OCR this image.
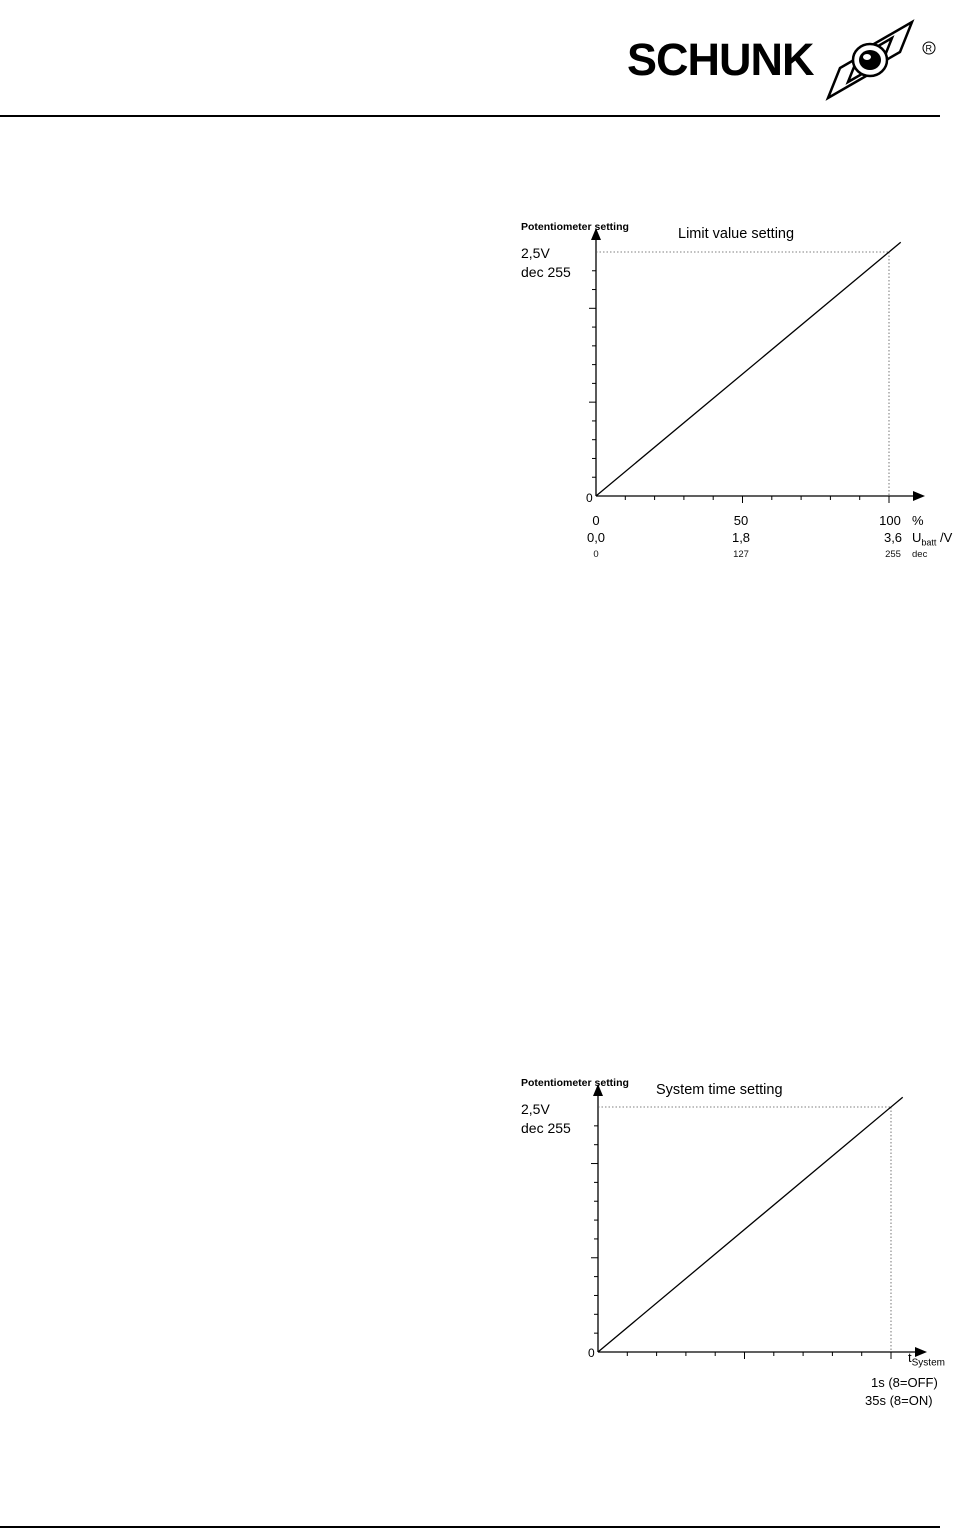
SCHUNK	R
Potentiometer setting
2,5V
dec 255
Limit value setting
0
0	50	100 %
0,0	1,8	3,6 $U_{batt}$ /V
0	127	255 dec
Potentiometer setting
2,5V
dec 255
System time setting
0	$t_{System}$
1s (8=OFF)
35s (8=ON)
